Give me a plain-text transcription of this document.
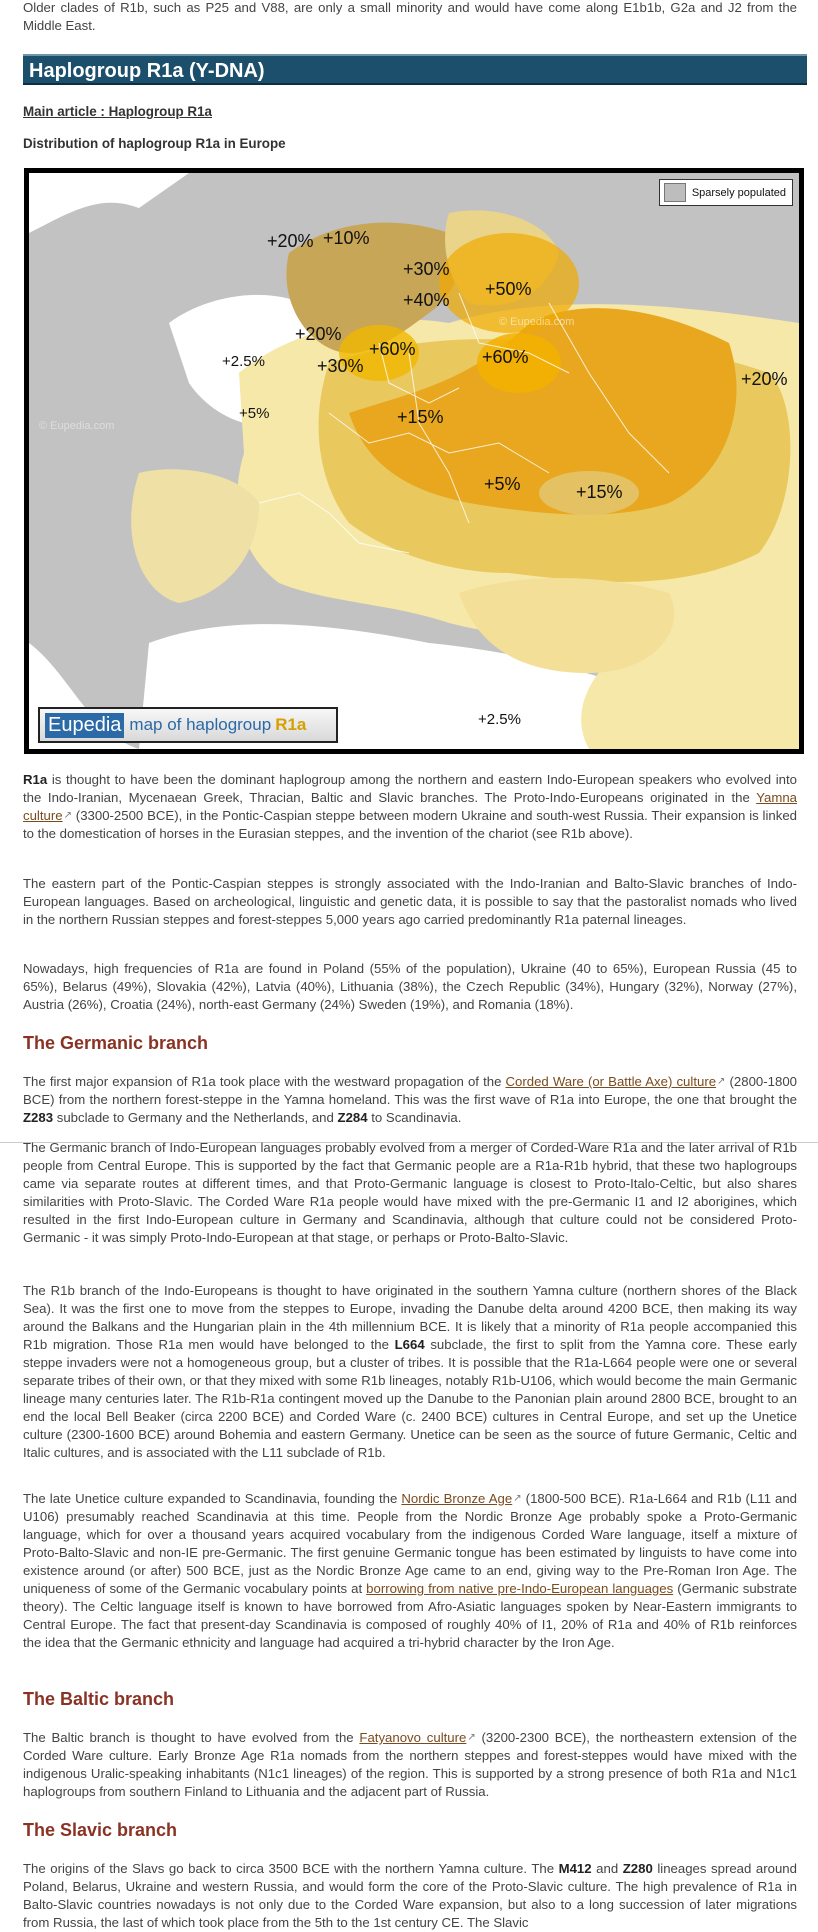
Older clades of R1b, such as P25 and V88, are only a small minority and would have come along E1b1b, G2a and J2 from the Middle East.

Haplogroup R1a (Y-DNA)
Main article : Haplogroup R1a
Distribution of haplogroup R1a in Europe
© Eupedia.com
© Eupedia.com
+20% +10%
+30%
+50%
+40%
+20%
+60%	+60%
+2.5%	+30%
+20%
+5%	+15%
+5%	+15%
+2.5%
Sparsely populated
Eupedia map of haplogroup R1a

R1a is thought to have been the dominant haplogroup among the northern and eastern Indo-European speakers who evolved into the Indo-Iranian, Mycenaean Greek, Thracian, Baltic and Slavic branches. The Proto-Indo-Europeans originated in the Yamna culture↗ (3300-2500 BCE), in the Pontic-Caspian steppe between modern Ukraine and south-west Russia. Their expansion is linked to the domestication of horses in the Eurasian steppes, and the invention of the chariot (see R1b above).

The eastern part of the Pontic-Caspian steppes is strongly associated with the Indo-Iranian and Balto-Slavic branches of Indo-European languages. Based on archeological, linguistic and genetic data, it is possible to say that the pastoralist nomads who lived in the northern Russian steppes and forest-steppes 5,000 years ago carried predominantly R1a paternal lineages.

Nowadays, high frequencies of R1a are found in Poland (55% of the population), Ukraine (40 to 65%), European Russia (45 to 65%), Belarus (49%), Slovakia (42%), Latvia (40%), Lithuania (38%), the Czech Republic (34%), Hungary (32%), Norway (27%), Austria (26%), Croatia (24%), north-east Germany (24%) Sweden (19%), and Romania (18%).

The Germanic branch

The first major expansion of R1a took place with the westward propagation of the Corded Ware (or Battle Axe) culture↗ (2800-1800 BCE) from the northern forest-steppe in the Yamna homeland. This was the first wave of R1a into Europe, the one that brought the Z283 subclade to Germany and the Netherlands, and Z284 to Scandinavia.

The Germanic branch of Indo-European languages probably evolved from a merger of Corded-Ware R1a and the later arrival of R1b people from Central Europe. This is supported by the fact that Germanic people are a R1a-R1b hybrid, that these two haplogroups came via separate routes at different times, and that Proto-Germanic language is closest to Proto-Italo-Celtic, but also shares similarities with Proto-Slavic. The Corded Ware R1a people would have mixed with the pre-Germanic I1 and I2 aborigines, which resulted in the first Indo-European culture in Germany and Scandinavia, although that culture could not be considered Proto-Germanic - it was simply Proto-Indo-European at that stage, or perhaps or Proto-Balto-Slavic.

The R1b branch of the Indo-Europeans is thought to have originated in the southern Yamna culture (northern shores of the Black Sea). It was the first one to move from the steppes to Europe, invading the Danube delta around 4200 BCE, then making its way around the Balkans and the Hungarian plain in the 4th millennium BCE. It is likely that a minority of R1a people accompanied this R1b migration. Those R1a men would have belonged to the L664 subclade, the first to split from the Yamna core. These early steppe invaders were not a homogeneous group, but a cluster of tribes. It is possible that the R1a-L664 people were one or several separate tribes of their own, or that they mixed with some R1b lineages, notably R1b-U106, which would become the main Germanic lineage many centuries later. The R1b-R1a contingent moved up the Danube to the Panonian plain around 2800 BCE, brought to an end the local Bell Beaker (circa 2200 BCE) and Corded Ware (c. 2400 BCE) cultures in Central Europe, and set up the Unetice culture (2300-1600 BCE) around Bohemia and eastern Germany. Unetice can be seen as the source of future Germanic, Celtic and Italic cultures, and is associated with the L11 subclade of R1b.

The late Unetice culture expanded to Scandinavia, founding the Nordic Bronze Age↗ (1800-500 BCE). R1a-L664 and R1b (L11 and U106) presumably reached Scandinavia at this time. People from the Nordic Bronze Age probably spoke a Proto-Germanic language, which for over a thousand years acquired vocabulary from the indigenous Corded Ware language, itself a mixture of Proto-Balto-Slavic and non-IE pre-Germanic. The first genuine Germanic tongue has been estimated by linguists to have come into existence around (or after) 500 BCE, just as the Nordic Bronze Age came to an end, giving way to the Pre-Roman Iron Age. The uniqueness of some of the Germanic vocabulary points at borrowing from native pre-Indo-European languages (Germanic substrate theory). The Celtic language itself is known to have borrowed from Afro-Asiatic languages spoken by Near-Eastern immigrants to Central Europe. The fact that present-day Scandinavia is composed of roughly 40% of I1, 20% of R1a and 40% of R1b reinforces the idea that the Germanic ethnicity and language had acquired a tri-hybrid character by the Iron Age.

The Baltic branch

The Baltic branch is thought to have evolved from the Fatyanovo culture↗ (3200-2300 BCE), the northeastern extension of the Corded Ware culture. Early Bronze Age R1a nomads from the northern steppes and forest-steppes would have mixed with the indigenous Uralic-speaking inhabitants (N1c1 lineages) of the region. This is supported by a strong presence of both R1a and N1c1 haplogroups from southern Finland to Lithuania and the adjacent part of Russia.

The Slavic branch

The origins of the Slavs go back to circa 3500 BCE with the northern Yamna culture. The M412 and Z280 lineages spread around Poland, Belarus, Ukraine and western Russia, and would form the core of the Proto-Slavic culture. The high prevalence of R1a in Balto-Slavic countries nowadays is not only due to the Corded Ware expansion, but also to a long succession of later migrations from Russia, the last of which took place from the 5th to the 1st century CE. The Slavic
